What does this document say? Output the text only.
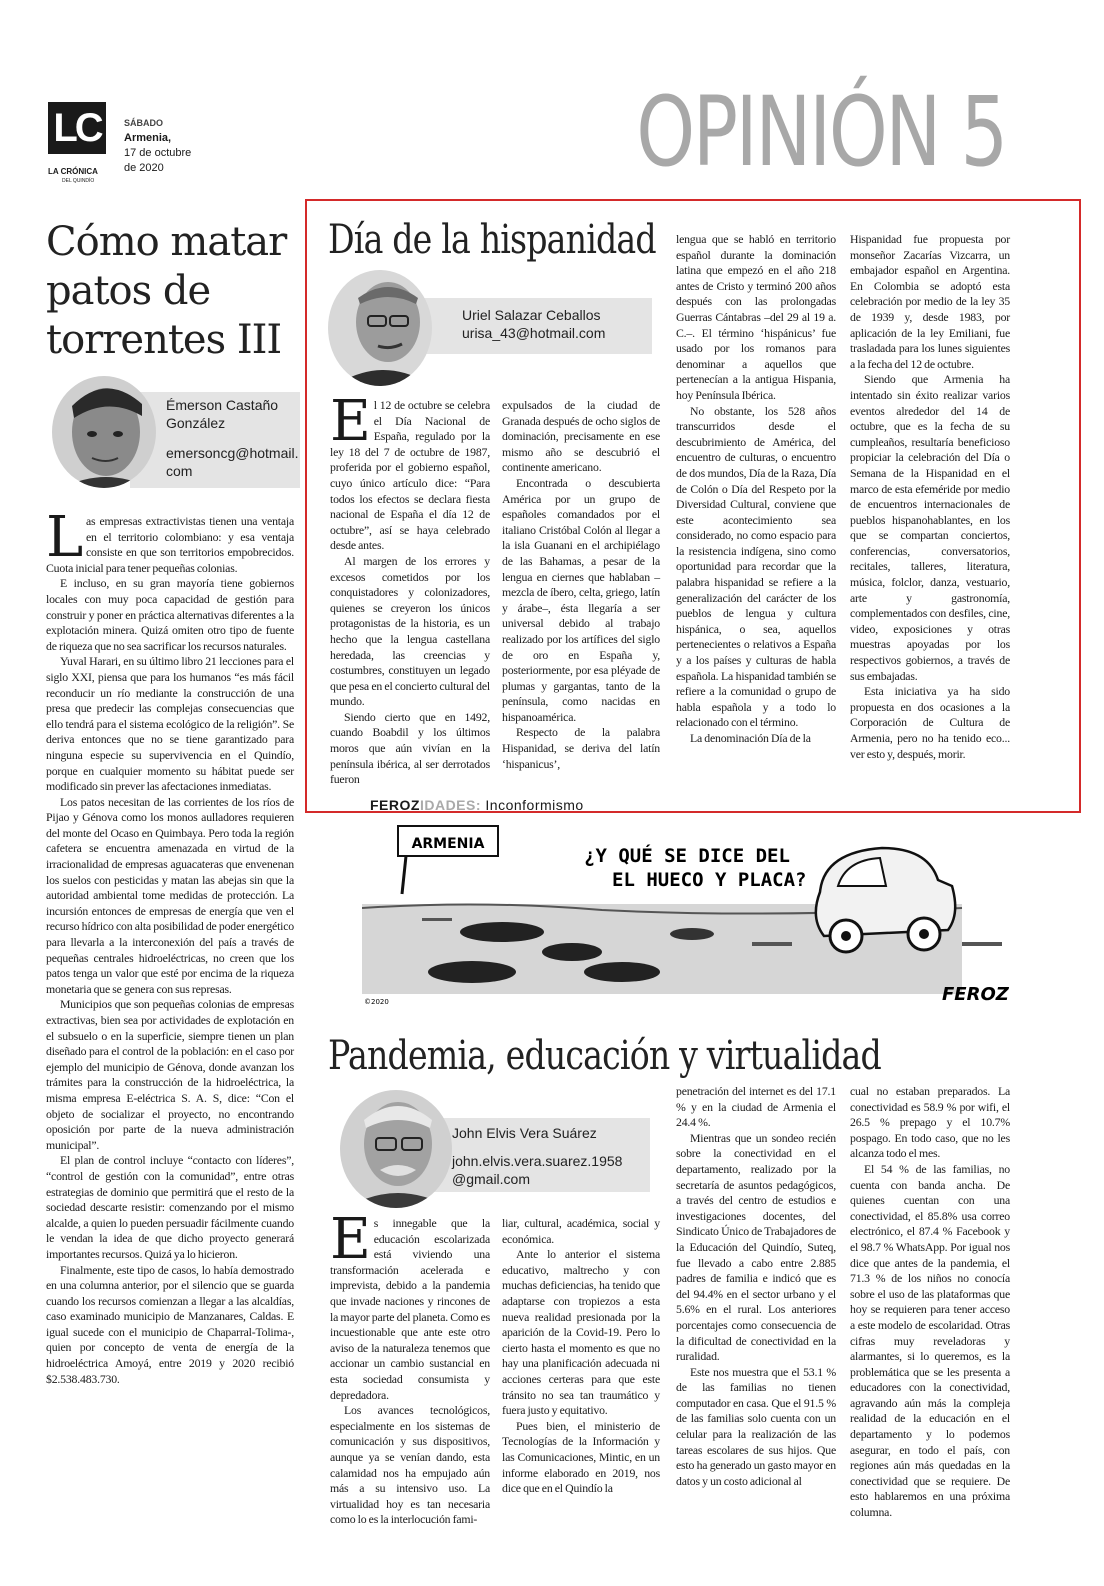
LC
LA CRÓNICA
DEL QUINDÍO
SÁBADO
Armenia,
17 de octubre
de 2020	OPINIÓN 5
Cómo matar patos de torrentes III
Émerson Castaño González
emersoncg@hotmail.com

Las empresas extractivistas tienen una ventaja en el territorio colombiano: y esa ventaja consiste en que son territorios empobrecidos. Cuota inicial para tener pequeñas colonias.

E incluso, en su gran mayoría tiene gobiernos locales con muy poca capacidad de gestión para construir y poner en práctica alternativas diferentes a la explotación minera. Quizá omiten otro tipo de fuente de riqueza que no sea sacrificar los recursos naturales.

Yuval Harari, en su último libro 21 lecciones para el siglo XXI, piensa que para los humanos “es más fácil reconducir un río mediante la construcción de una presa que predecir las complejas consecuencias que ello tendrá para el sistema ecológico de la religión”. Se deriva entonces que no se tiene garantizado para ninguna especie su supervivencia en el Quindío, porque en cualquier momento su hábitat puede ser modificado sin prever las afectaciones inmediatas.

Los patos necesitan de las corrientes de los ríos de Pijao y Génova como los monos aulladores requieren del monte del Ocaso en Quimbaya. Pero toda la región cafetera se encuentra amenazada en virtud de la irracionalidad de empresas aguacateras que envenenan los suelos con pesticidas y matan las abejas sin que la autoridad ambiental tome medidas de protección. La incursión entonces de empresas de energía que ven el recurso hídrico con alta posibilidad de poder energético para llevarla a la interconexión del país a través de pequeñas centrales hidroeléctricas, no creen que los patos tenga un valor que esté por encima de la riqueza monetaria que se genera con sus represas.

Municipios que son pequeñas colonias de empresas extractivas, bien sea por actividades de explotación en el subsuelo o en la superficie, siempre tienen un plan diseñado para el control de la población: en el caso por ejemplo del municipio de Génova, donde avanzan los trámites para la construcción de la hidroeléctrica, la misma empresa E-eléctrica S. A. S, dice: “Con el objeto de socializar el proyecto, no encontrando oposición por parte de la nueva administración municipal”.

El plan de control incluye “contacto con líderes”, “control de gestión con la comunidad”, entre otras estrategias de dominio que permitirá que el resto de la sociedad descarte resistir: comenzando por el mismo alcalde, a quien lo pueden persuadir fácilmente cuando le vendan la idea de que dicho proyecto generará importantes recursos. Quizá ya lo hicieron.

Finalmente, este tipo de casos, lo había demostrado en una columna anterior, por el silencio que se guarda cuando los recursos comienzan a llegar a las alcaldías, caso examinado municipio de Manzanares, Caldas. E igual sucede con el municipio de Chaparral-Tolima-, quien por concepto de venta de energía de la hidroeléctrica Amoyá, entre 2019 y 2020 recibió $2.538.483.730.

Día de la hispanidad
Uriel Salazar Ceballos
urisa_43@hotmail.com

El 12 de octubre se celebra el Día Nacional de España, regulado por la ley 18 del 7 de octubre de 1987, proferida por el gobierno español, cuyo único artículo dice: “Para todos los efectos se declara fiesta nacional de España el día 12 de octubre”, así se haya celebrado desde antes.

Al margen de los errores y excesos cometidos por los conquistadores y colonizadores, quienes se creyeron los únicos protagonistas de la historia, es un hecho que la lengua castellana heredada, las creencias y costumbres, constituyen un legado que pesa en el concierto cultural del mundo.

Siendo cierto que en 1492, cuando Boabdil y los últimos moros que aún vivían en la península ibérica, al ser derrotados fueron

expulsados de la ciudad de Granada después de ocho siglos de dominación, precisamente en ese mismo año se descubrió el continente americano.

Encontrada o descubierta América por un grupo de españoles comandados por el italiano Cristóbal Colón al llegar a la isla Guanani en el archipiélago de las Bahamas, a pesar de la lengua en ciernes que hablaban –mezcla de íbero, celta, griego, latín y árabe–, ésta llegaría a ser universal debido al trabajo realizado por los artífices del siglo de oro en España y, posteriormente, por esa pléyade de plumas y gargantas, tanto de la península, como nacidas en hispanoamérica.

Respecto de la palabra Hispanidad, se deriva del latín ‘hispanicus’,

lengua que se habló en territorio español durante la dominación latina que empezó en el año 218 antes de Cristo y terminó 200 años después con las prolongadas Guerras Cántabras –del 29 al 19 a. C.–. El término ‘hispánicus’ fue usado por los romanos para denominar a aquellos que pertenecían a la antigua Hispania, hoy Península Ibérica.

No obstante, los 528 años transcurridos desde el descubrimiento de América, del encuentro de culturas, o encuentro de dos mundos, Día de la Raza, Día de Colón o Día del Respeto por la Diversidad Cultural, conviene que este acontecimiento sea considerado, no como espacio para la resistencia indígena, sino como oportunidad para recordar que la palabra hispanidad se refiere a la generalización del carácter de los pueblos de lengua y cultura hispánica, o sea, aquellos pertenecientes o relativos a España y a los países y culturas de habla española. La hispanidad también se refiere a la comunidad o grupo de habla española y a todo lo relacionado con el término.

La denominación Día de la

Hispanidad fue propuesta por monseñor Zacarías Vizcarra, un embajador español en Argentina. En Colombia se adoptó esta celebración por medio de la ley 35 de 1939 y, desde 1983, por aplicación de la ley Emiliani, fue trasladada para los lunes siguientes a la fecha del 12 de octubre.

Siendo que Armenia ha intentado sin éxito realizar varios eventos alrededor del 14 de octubre, que es la fecha de su cumpleaños, resultaría beneficioso propiciar la celebración del Día o Semana de la Hispanidad en el marco de esta efeméride por medio de encuentros internacionales de pueblos hispanohablantes, en los que se compartan conciertos, conferencias, conversatorios, recitales, talleres, literatura, música, folclor, danza, vestuario, arte y gastronomía, complementados con desfiles, cine, video, exposiciones y otras muestras apoyadas por los respectivos gobiernos, a través de sus embajadas.

Esta iniciativa ya ha sido propuesta en dos ocasiones a la Corporación de Cultura de Armenia, pero no ha tenido eco... ver esto y, después, morir.

FEROZIDADES: Inconformismo
ARMENIA
¿Y QUÉ SE DICE DEL
EL HUECO Y PLACA?
FEROZ
©2020
Pandemia, educación y virtualidad
John Elvis Vera Suárez
john.elvis.vera.suarez.1958
@gmail.com

Es innegable que la educación escolarizada está viviendo una transformación acelerada e imprevista, debido a la pandemia que invade naciones y rincones de la mayor parte del planeta. Como es incuestionable que ante este otro aviso de la naturaleza tenemos que accionar un cambio sustancial en esta sociedad consumista y depredadora.

Los avances tecnológicos, especialmente en los sistemas de comunicación y sus dispositivos, aunque ya se venían dando, esta calamidad nos ha empujado aún más a su intensivo uso. La virtualidad hoy es tan necesaria como lo es la interlocución fami-

liar, cultural, académica, social y económica.

Ante lo anterior el sistema educativo, maltrecho y con muchas deficiencias, ha tenido que adaptarse con tropiezos a esta nueva realidad presionada por la aparición de la Covid-19. Pero lo cierto hasta el momento es que no hay una planificación adecuada ni acciones certeras para que este tránsito no sea tan traumático y fuera justo y equitativo.

Pues bien, el ministerio de Tecnologías de la Información y las Comunicaciones, Mintic, en un informe elaborado en 2019, nos dice que en el Quindío la

penetración del internet es del 17.1 % y en la ciudad de Armenia el 24.4 %.

Mientras que un sondeo recién sobre la conectividad en el departamento, realizado por la secretaría de asuntos pedagógicos, a través del centro de estudios e investigaciones docentes, del Sindicato Único de Trabajadores de la Educación del Quindío, Suteq, fue llevado a cabo entre 2.885 padres de familia e indicó que es del 94.4% en el sector urbano y el 5.6% en el rural. Los anteriores porcentajes como consecuencia de la dificultad de conectividad en la ruralidad.

Este nos muestra que el 53.1 % de las familias no tienen computador en casa. Que el 91.5 % de las familias solo cuenta con un celular para la realización de las tareas escolares de sus hijos. Que esto ha generado un gasto mayor en datos y un costo adicional al

cual no estaban preparados. La conectividad es 58.9 % por wifi, el 26.5 % prepago y el 10.7% pospago. En todo caso, que no les alcanza todo el mes.

El 54 % de las familias, no cuenta con banda ancha. De quienes cuentan con una conectividad, el 85.8% usa correo electrónico, el 87.4 % Facebook y el 98.7 % WhatsApp. Por igual nos dice que antes de la pandemia, el 71.3 % de los niños no conocía sobre el uso de las plataformas que hoy se requieren para tener acceso a este modelo de escolaridad. Otras cifras muy reveladoras y alarmantes, si lo queremos, es la problemática que se les presenta a educadores con la conectividad, agravando aún más la compleja realidad de la educación en el departamento y lo podemos asegurar, en todo el país, con regiones aún más quedadas en la conectividad que se requiere. De esto hablaremos en una próxima columna.
